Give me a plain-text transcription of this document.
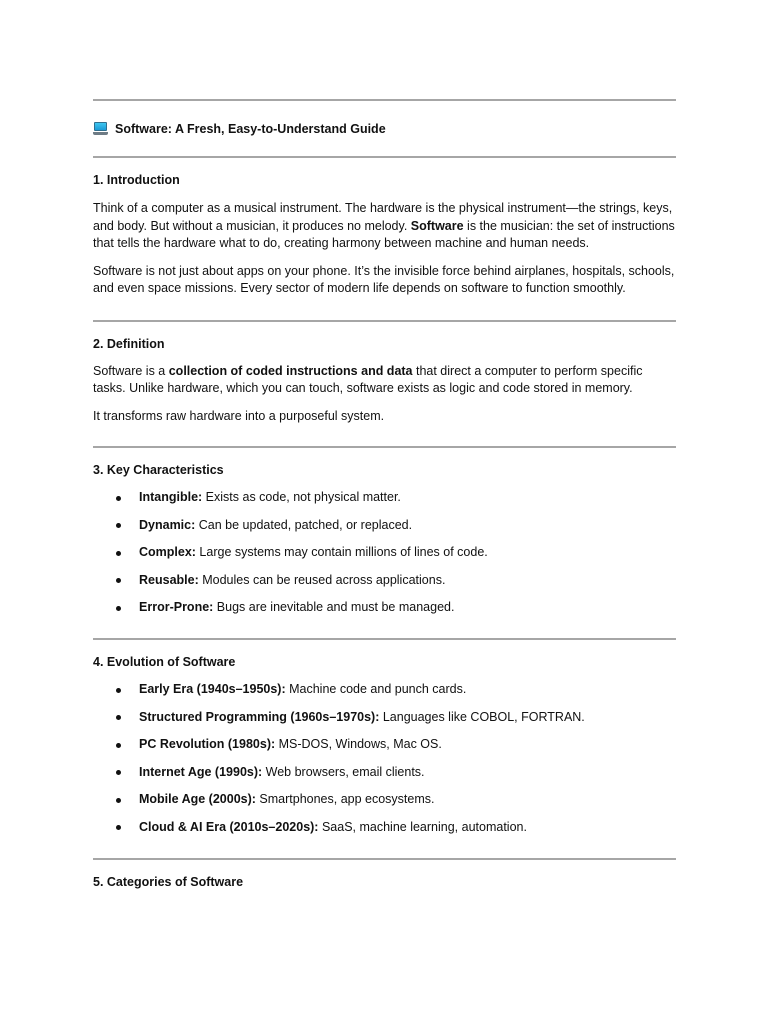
Software: A Fresh, Easy-to-Understand Guide
1. Introduction

Think of a computer as a musical instrument. The hardware is the physical instrument—the strings, keys, and body. But without a musician, it produces no melody. Software is the musician: the set of instructions that tells the hardware what to do, creating harmony between machine and human needs.

Software is not just about apps on your phone. It’s the invisible force behind airplanes, hospitals, schools, and even space missions. Every sector of modern life depends on software to function smoothly.

2. Definition

Software is a collection of coded instructions and data that direct a computer to perform specific tasks. Unlike hardware, which you can touch, software exists as logic and code stored in memory.

It transforms raw hardware into a purposeful system.

3. Key Characteristics
Intangible: Exists as code, not physical matter.
Dynamic: Can be updated, patched, or replaced.
Complex: Large systems may contain millions of lines of code.
Reusable: Modules can be reused across applications.
Error-Prone: Bugs are inevitable and must be managed.
4. Evolution of Software
Early Era (1940s–1950s): Machine code and punch cards.
Structured Programming (1960s–1970s): Languages like COBOL, FORTRAN.
PC Revolution (1980s): MS-DOS, Windows, Mac OS.
Internet Age (1990s): Web browsers, email clients.
Mobile Age (2000s): Smartphones, app ecosystems.
Cloud & AI Era (2010s–2020s): SaaS, machine learning, automation.
5. Categories of Software
